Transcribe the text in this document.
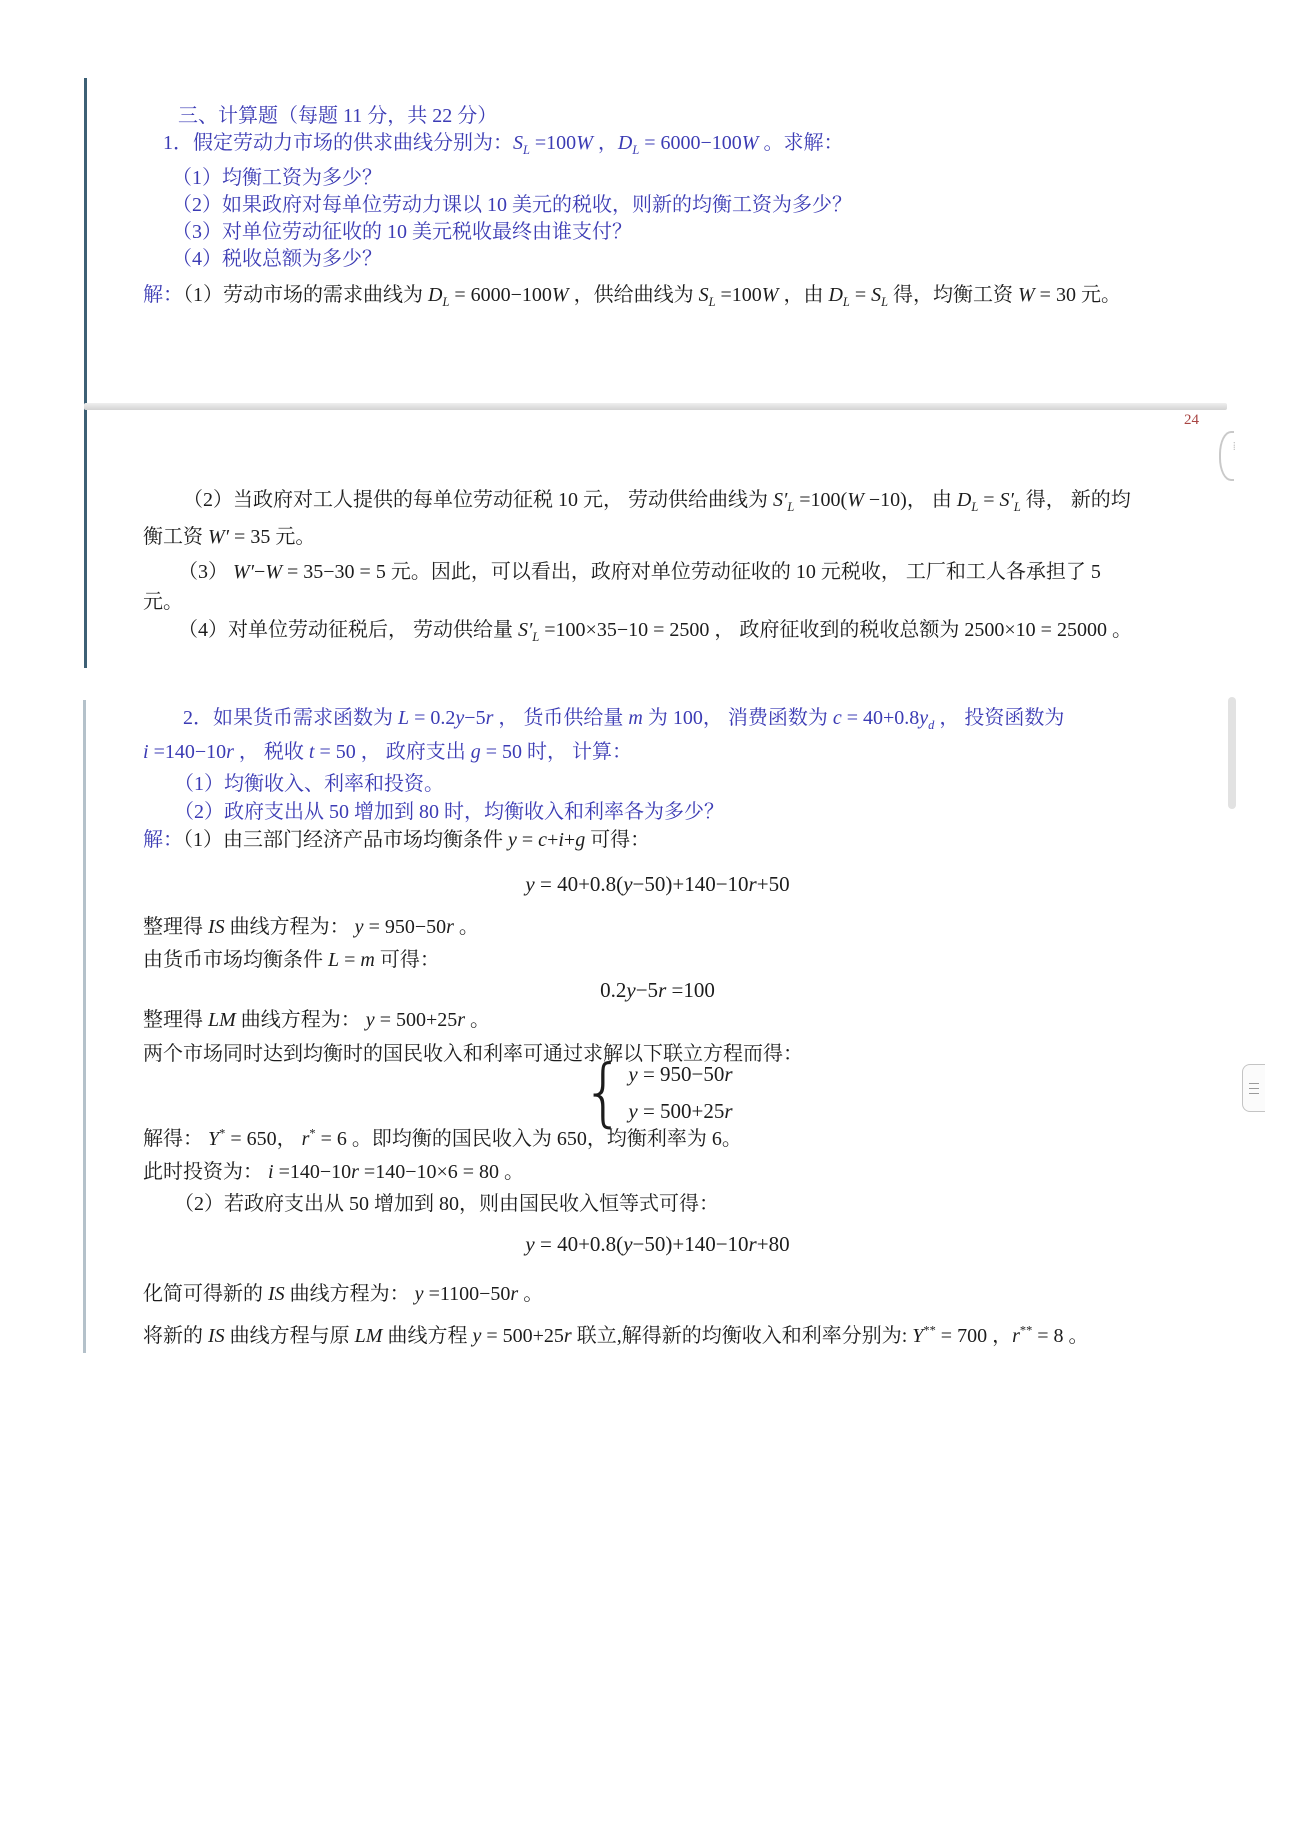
三、计算题（每题 11 分，共 22 分）
1．假定劳动力市场的供求曲线分别为：$S_L =100W$ ，$D_L = 6000-100W$ 。求解：
（1）均衡工资为多少？
（2）如果政府对每单位劳动力课以 10 美元的税收，则新的均衡工资为多少？
（3）对单位劳动征收的 10 美元税收最终由谁支付？
（4）税收总额为多少？
解：（1）劳动市场的需求曲线为 $D_L = 6000-100W$ ，供给曲线为 $S_L =100W$ ，由 $D_L = S_L$ 得，均衡工资 W = 30 元。
24
⁞
（2）当政府对工人提供的每单位劳动征税 10 元， 劳动供给曲线为 $S'_L =100(W -10)$， 由 $D_L = S'_L$ 得， 新的均
衡工资 W′ = 35 元。
（3） W′−W = 35−30 = 5 元。因此，可以看出，政府对单位劳动征收的 10 元税收， 工厂和工人各承担了 5
元。
（4）对单位劳动征税后， 劳动供给量 $S'_L =100\times 35-10 = 2500$ ， 政府征收到的税收总额为 2500×10 = 25000 。
2．如果货币需求函数为 L = 0.2y−5r ， 货币供给量 m 为 100， 消费函数为 $c = 40+0.8y_d$ ， 投资函数为
i =140−10r ， 税收 t = 50 ， 政府支出 g = 50 时， 计算：
（1）均衡收入、利率和投资。
（2）政府支出从 50 增加到 80 时，均衡收入和利率各为多少？
解：（1）由三部门经济产品市场均衡条件 y = c+i+g 可得：
y = 40+0.8(y−50)+140−10r+50
整理得 IS 曲线方程为： y = 950−50r 。
由货币市场均衡条件 L = m 可得：
0.2y−5r =100
整理得 LM 曲线方程为： y = 500+25r 。
两个市场同时达到均衡时的国民收入和利率可通过求解以下联立方程而得：
{ y = 950−50r
y = 500+25r
解得： Y* = 650， r* = 6 。即均衡的国民收入为 650，均衡利率为 6。
此时投资为： i =140−10r =140−10×6 = 80 。
（2）若政府支出从 50 增加到 80，则由国民收入恒等式可得：
y = 40+0.8(y−50)+140−10r+80
化简可得新的 IS 曲线方程为： y =1100−50r 。
将新的 IS 曲线方程与原 LM 曲线方程 y = 500+25r 联立,解得新的均衡收入和利率分别为: Y** = 700 ，r** = 8 。
